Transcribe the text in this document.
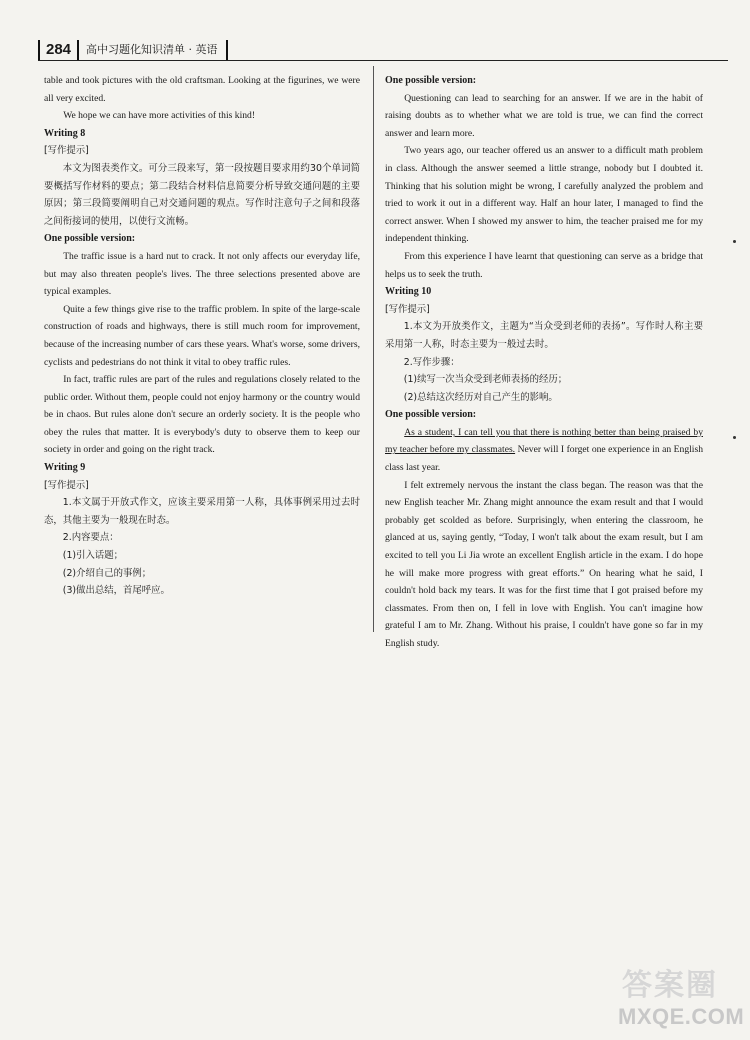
284 高中习题化知识清单 · 英语

table and took pictures with the old craftsman. Looking at the figurines, we were all very excited.

We hope we can have more activities of this kind!

Writing 8

[写作提示]

本文为图表类作文。可分三段来写，第一段按题目要求用约30个单词简要概括写作材料的要点；第二段结合材料信息简要分析导致交通问题的主要原因；第三段简要阐明自己对交通问题的观点。写作时注意句子之间和段落之间衔接词的使用，以使行文流畅。

One possible version:

The traffic issue is a hard nut to crack. It not only affects our everyday life, but may also threaten people's lives. The three selections presented above are typical examples.

Quite a few things give rise to the traffic problem. In spite of the large-scale construction of roads and highways, there is still much room for improvement, because of the increasing number of cars these years. What's worse, some drivers, cyclists and pedestrians do not think it vital to obey traffic rules.

In fact, traffic rules are part of the rules and regulations closely related to the public order. Without them, people could not enjoy harmony or the country would be in chaos. But rules alone don't secure an orderly society. It is the people who obey the rules that matter. It is everybody's duty to observe them to keep our society in order and going on the right track.

Writing 9

[写作提示]

1.本文属于开放式作文，应该主要采用第一人称，具体事例采用过去时态，其他主要为一般现在时态。

2.内容要点：

(1)引入话题；

(2)介绍自己的事例；

(3)做出总结，首尾呼应。

One possible version:

Questioning can lead to searching for an answer. If we are in the habit of raising doubts as to whether what we are told is true, we can find the correct answer and learn more.

Two years ago, our teacher offered us an answer to a difficult math problem in class. Although the answer seemed a little strange, nobody but I doubted it. Thinking that his solution might be wrong, I carefully analyzed the problem and tried to work it out in a different way. Half an hour later, I managed to find the correct answer. When I showed my answer to him, the teacher praised me for my independent thinking.

From this experience I have learnt that questioning can serve as a bridge that helps us to seek the truth.

Writing 10

[写作提示]

1.本文为开放类作文，主题为“当众受到老师的表扬”。写作时人称主要采用第一人称，时态主要为一般过去时。

2.写作步骤：

(1)续写一次当众受到老师表扬的经历；

(2)总结这次经历对自己产生的影响。

One possible version:

As a student, I can tell you that there is nothing better than being praised by my teacher before my classmates. Never will I forget one experience in an English class last year.

I felt extremely nervous the instant the class began. The reason was that the new English teacher Mr. Zhang might announce the exam result and that I would probably get scolded as before. Surprisingly, when entering the classroom, he glanced at us, saying gently, “Today, I won't talk about the exam result, but I am excited to tell you Li Jia wrote an excellent English article in the exam. I do hope he will make more progress with great efforts.” On hearing what he said, I couldn't hold back my tears. It was for the first time that I got praised before my classmates. From then on, I fell in love with English. You can't imagine how grateful I am to Mr. Zhang. Without his praise, I couldn't have gone so far in my English study.

答案圈
MXQE.COM
